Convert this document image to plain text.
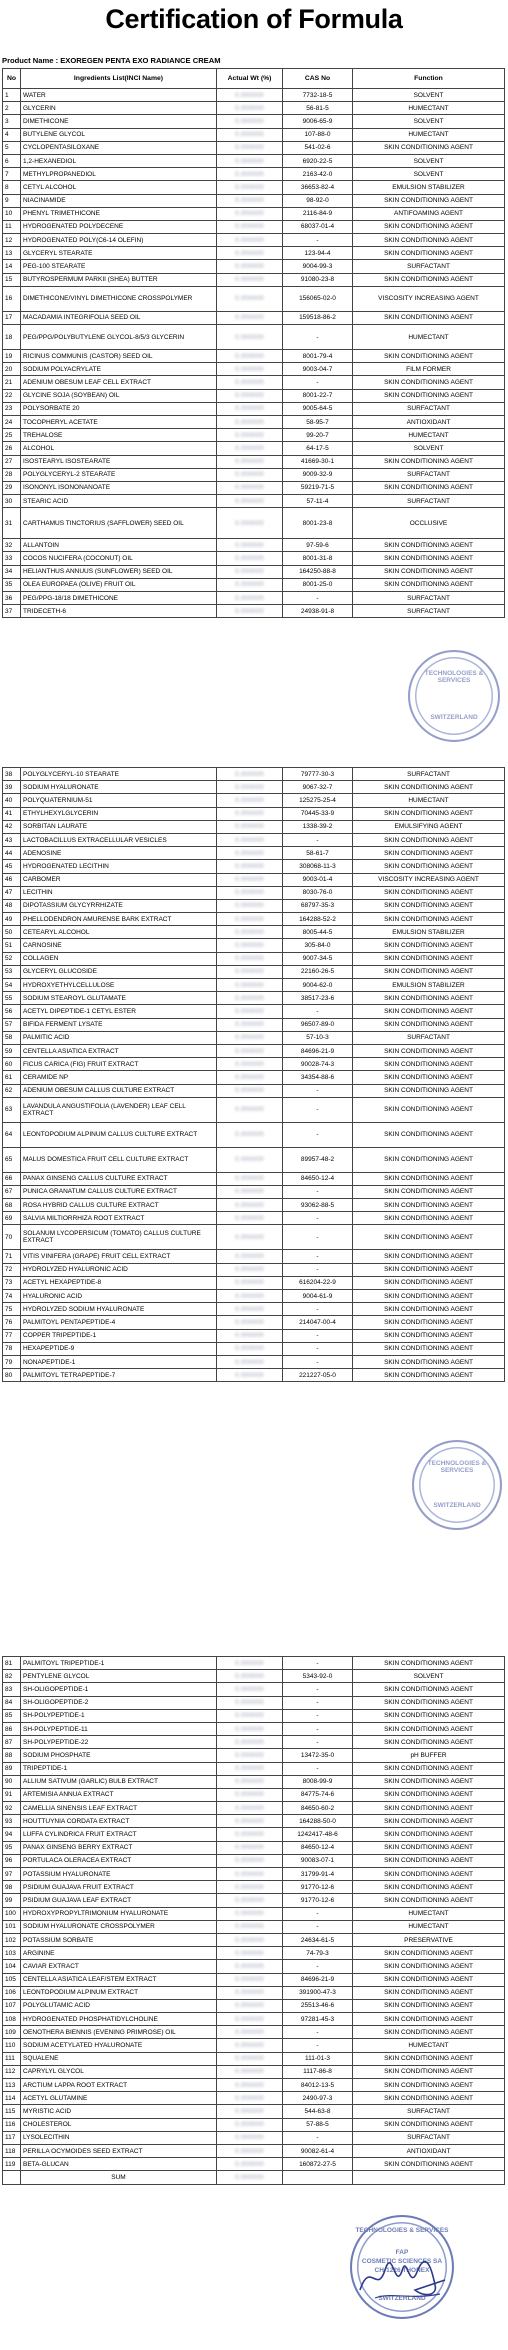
Certification of Formula
Product Name : EXOREGEN PENTA EXO RADIANCE CREAM
No	Ingredients List(INCI Name)	Actual Wt (%)	CAS No	Function
1	WATER	0.000000	7732-18-5	SOLVENT
2	GLYCERIN	0.000000	56-81-5	HUMECTANT
3	DIMETHICONE	0.000000	9006-65-9	SOLVENT
4	BUTYLENE GLYCOL	0.000000	107-88-0	HUMECTANT
5	CYCLOPENTASILOXANE	0.000000	541-02-6	SKIN CONDITIONING AGENT
6	1,2-HEXANEDIOL	0.000000	6920-22-5	SOLVENT
7	METHYLPROPANEDIOL	0.000000	2163-42-0	SOLVENT
8	CETYL ALCOHOL	0.000000	36653-82-4	EMULSION STABILIZER
9	NIACINAMIDE	0.000000	98-92-0	SKIN CONDITIONING AGENT
10	PHENYL TRIMETHICONE	0.000000	2116-84-9	ANTIFOAMING AGENT
11	HYDROGENATED POLYDECENE	0.000000	68037-01-4	SKIN CONDITIONING AGENT
12	HYDROGENATED POLY(C6-14 OLEFIN)	0.000000	-	SKIN CONDITIONING AGENT
13	GLYCERYL STEARATE	0.000000	123-94-4	SKIN CONDITIONING AGENT
14	PEG-100 STEARATE	0.000000	9004-99-3	SURFACTANT
15	BUTYROSPERMUM PARKII (SHEA) BUTTER	0.000000	91080-23-8	SKIN CONDITIONING AGENT
16	DIMETHICONE/VINYL DIMETHICONE CROSSPOLYMER	0.000000	156065-02-0	VISCOSITY INCREASING AGENT
17	MACADAMIA INTEGRIFOLIA SEED OIL	0.000000	159518-86-2	SKIN CONDITIONING AGENT
18	PEG/PPG/POLYBUTYLENE GLYCOL-8/5/3 GLYCERIN	0.000000	-	HUMECTANT
19	RICINUS COMMUNIS (CASTOR) SEED OIL	0.000000	8001-79-4	SKIN CONDITIONING AGENT
20	SODIUM POLYACRYLATE	0.000000	9003-04-7	FILM FORMER
21	ADENIUM OBESUM LEAF CELL EXTRACT	0.000000	-	SKIN CONDITIONING AGENT
22	GLYCINE SOJA (SOYBEAN) OIL	0.000000	8001-22-7	SKIN CONDITIONING AGENT
23	POLYSORBATE 20	0.000000	9005-64-5	SURFACTANT
24	TOCOPHERYL ACETATE	0.000000	58-95-7	ANTIOXIDANT
25	TREHALOSE	0.000000	99-20-7	HUMECTANT
26	ALCOHOL	0.000000	64-17-5	SOLVENT
27	ISOSTEARYL ISOSTEARATE	0.000000	41669-30-1	SKIN CONDITIONING AGENT
28	POLYGLYCERYL-2 STEARATE	0.000000	9009-32-9	SURFACTANT
29	ISONONYL ISONONANOATE	0.000000	59219-71-5	SKIN CONDITIONING AGENT
30	STEARIC ACID	0.000000	57-11-4	SURFACTANT
31	CARTHAMUS TINCTORIUS (SAFFLOWER) SEED OIL	0.000000	8001-23-8	OCCLUSIVE
32	ALLANTOIN	0.000000	97-59-6	SKIN CONDITIONING AGENT
33	COCOS NUCIFERA (COCONUT) OIL	0.000000	8001-31-8	SKIN CONDITIONING AGENT
34	HELIANTHUS ANNUUS (SUNFLOWER) SEED OIL	0.000000	164250-88-8	SKIN CONDITIONING AGENT
35	OLEA EUROPAEA (OLIVE) FRUIT OIL	0.000000	8001-25-0	SKIN CONDITIONING AGENT
36	PEG/PPG-18/18 DIMETHICONE	0.000000	-	SURFACTANT
37	TRIDECETH-6	0.000000	24938-91-8	SURFACTANT
38	POLYGLYCERYL-10 STEARATE	0.000000	79777-30-3	SURFACTANT
39	SODIUM HYALURONATE	0.000000	9067-32-7	SKIN CONDITIONING AGENT
40	POLYQUATERNIUM-51	0.000000	125275-25-4	HUMECTANT
41	ETHYLHEXYLGLYCERIN	0.000000	70445-33-9	SKIN CONDITIONING AGENT
42	SORBITAN LAURATE	0.000000	1338-39-2	EMULSIFYING AGENT
43	LACTOBACILLUS EXTRACELLULAR VESICLES	0.000000	-	SKIN CONDITIONING AGENT
44	ADENOSINE	0.000000	58-61-7	SKIN CONDITIONING AGENT
45	HYDROGENATED LECITHIN	0.000000	308068-11-3	SKIN CONDITIONING AGENT
46	CARBOMER	0.000000	9003-01-4	VISCOSITY INCREASING AGENT
47	LECITHIN	0.000000	8030-76-0	SKIN CONDITIONING AGENT
48	DIPOTASSIUM GLYCYRRHIZATE	0.000000	68797-35-3	SKIN CONDITIONING AGENT
49	PHELLODENDRON AMURENSE BARK EXTRACT	0.000000	164288-52-2	SKIN CONDITIONING AGENT
50	CETEARYL ALCOHOL	0.000000	8005-44-5	EMULSION STABILIZER
51	CARNOSINE	0.000000	305-84-0	SKIN CONDITIONING AGENT
52	COLLAGEN	0.000000	9007-34-5	SKIN CONDITIONING AGENT
53	GLYCERYL GLUCOSIDE	0.000000	22160-26-5	SKIN CONDITIONING AGENT
54	HYDROXYETHYLCELLULOSE	0.000000	9004-62-0	EMULSION STABILIZER
55	SODIUM STEAROYL GLUTAMATE	0.000000	38517-23-6	SKIN CONDITIONING AGENT
56	ACETYL DIPEPTIDE-1 CETYL ESTER	0.000000	-	SKIN CONDITIONING AGENT
57	BIFIDA FERMENT LYSATE	0.000000	96507-89-0	SKIN CONDITIONING AGENT
58	PALMITIC ACID	0.000000	57-10-3	SURFACTANT
59	CENTELLA ASIATICA EXTRACT	0.000000	84696-21-9	SKIN CONDITIONING AGENT
60	FICUS CARICA (FIG) FRUIT EXTRACT	0.000000	90028-74-3	SKIN CONDITIONING AGENT
61	CERAMIDE NP	0.000000	34354-88-6	SKIN CONDITIONING AGENT
62	ADENIUM OBESUM CALLUS CULTURE EXTRACT	0.000000	-	SKIN CONDITIONING AGENT
63	LAVANDULA ANGUSTIFOLIA (LAVENDER) LEAF CELL EXTRACT	0.000000	-	SKIN CONDITIONING AGENT
64	LEONTOPODIUM ALPINUM CALLUS CULTURE EXTRACT	0.000000	-	SKIN CONDITIONING AGENT
65	MALUS DOMESTICA FRUIT CELL CULTURE EXTRACT	0.000000	89957-48-2	SKIN CONDITIONING AGENT
66	PANAX GINSENG CALLUS CULTURE EXTRACT	0.000000	84650-12-4	SKIN CONDITIONING AGENT
67	PUNICA GRANATUM CALLUS CULTURE EXTRACT	0.000000	-	SKIN CONDITIONING AGENT
68	ROSA HYBRID CALLUS CULTURE EXTRACT	0.000000	93062-88-5	SKIN CONDITIONING AGENT
69	SALVIA MILTIORRHIZA ROOT EXTRACT	0.000000	-	SKIN CONDITIONING AGENT
70	SOLANUM LYCOPERSICUM (TOMATO) CALLUS CULTURE EXTRACT	0.000000	-	SKIN CONDITIONING AGENT
71	VITIS VINIFERA (GRAPE) FRUIT CELL EXTRACT	0.000000	-	SKIN CONDITIONING AGENT
72	HYDROLYZED HYALURONIC ACID	0.000000	-	SKIN CONDITIONING AGENT
73	ACETYL HEXAPEPTIDE-8	0.000000	616204-22-9	SKIN CONDITIONING AGENT
74	HYALURONIC ACID	0.000000	9004-61-9	SKIN CONDITIONING AGENT
75	HYDROLYZED SODIUM HYALURONATE	0.000000	-	SKIN CONDITIONING AGENT
76	PALMITOYL PENTAPEPTIDE-4	0.000000	214047-00-4	SKIN CONDITIONING AGENT
77	COPPER TRIPEPTIDE-1	0.000000	-	SKIN CONDITIONING AGENT
78	HEXAPEPTIDE-9	0.000000	-	SKIN CONDITIONING AGENT
79	NONAPEPTIDE-1	0.000000	-	SKIN CONDITIONING AGENT
80	PALMITOYL TETRAPEPTIDE-7	0.000000	221227-05-0	SKIN CONDITIONING AGENT
81	PALMITOYL TRIPEPTIDE-1	0.000000	-	SKIN CONDITIONING AGENT
82	PENTYLENE GLYCOL	0.000000	5343-92-0	SOLVENT
83	SH-OLIGOPEPTIDE-1	0.000000	-	SKIN CONDITIONING AGENT
84	SH-OLIGOPEPTIDE-2	0.000000	-	SKIN CONDITIONING AGENT
85	SH-POLYPEPTIDE-1	0.000000	-	SKIN CONDITIONING AGENT
86	SH-POLYPEPTIDE-11	0.000000	-	SKIN CONDITIONING AGENT
87	SH-POLYPEPTIDE-22	0.000000	-	SKIN CONDITIONING AGENT
88	SODIUM PHOSPHATE	0.000000	13472-35-0	pH BUFFER
89	TRIPEPTIDE-1	0.000000	-	SKIN CONDITIONING AGENT
90	ALLIUM SATIVUM (GARLIC) BULB EXTRACT	0.000000	8008-99-9	SKIN CONDITIONING AGENT
91	ARTEMISIA ANNUA EXTRACT	0.000000	84775-74-6	SKIN CONDITIONING AGENT
92	CAMELLIA SINENSIS LEAF EXTRACT	0.000000	84650-60-2	SKIN CONDITIONING AGENT
93	HOUTTUYNIA CORDATA EXTRACT	0.000000	164288-50-0	SKIN CONDITIONING AGENT
94	LUFFA CYLINDRICA FRUIT EXTRACT	0.000000	1242417-48-6	SKIN CONDITIONING AGENT
95	PANAX GINSENG BERRY EXTRACT	0.000000	84650-12-4	SKIN CONDITIONING AGENT
96	PORTULACA OLERACEA EXTRACT	0.000000	90083-07-1	SKIN CONDITIONING AGENT
97	POTASSIUM HYALURONATE	0.000000	31799-91-4	SKIN CONDITIONING AGENT
98	PSIDIUM GUAJAVA FRUIT EXTRACT	0.000000	91770-12-6	SKIN CONDITIONING AGENT
99	PSIDIUM GUAJAVA LEAF EXTRACT	0.000000	91770-12-6	SKIN CONDITIONING AGENT
100	HYDROXYPROPYLTRIMONIUM HYALURONATE	0.000000	-	HUMECTANT
101	SODIUM HYALURONATE CROSSPOLYMER	0.000000	-	HUMECTANT
102	POTASSIUM SORBATE	0.000000	24634-61-5	PRESERVATIVE
103	ARGININE	0.000000	74-79-3	SKIN CONDITIONING AGENT
104	CAVIAR EXTRACT	0.000000	-	SKIN CONDITIONING AGENT
105	CENTELLA ASIATICA LEAF/STEM EXTRACT	0.000000	84696-21-9	SKIN CONDITIONING AGENT
106	LEONTOPODIUM ALPINUM EXTRACT	0.000000	391900-47-3	SKIN CONDITIONING AGENT
107	POLYGLUTAMIC ACID	0.000000	25513-46-6	SKIN CONDITIONING AGENT
108	HYDROGENATED PHOSPHATIDYLCHOLINE	0.000000	97281-45-3	SKIN CONDITIONING AGENT
109	OENOTHERA BIENNIS (EVENING PRIMROSE) OIL	0.000000	-	SKIN CONDITIONING AGENT
110	SODIUM ACETYLATED HYALURONATE	0.000000	-	HUMECTANT
111	SQUALENE	0.000000	111-01-3	SKIN CONDITIONING AGENT
112	CAPRYLYL GLYCOL	0.000000	1117-86-8	SKIN CONDITIONING AGENT
113	ARCTIUM LAPPA ROOT EXTRACT	0.000000	84012-13-5	SKIN CONDITIONING AGENT
114	ACETYL GLUTAMINE	0.000000	2490-97-3	SKIN CONDITIONING AGENT
115	MYRISTIC ACID	0.000000	544-63-8	SURFACTANT
116	CHOLESTEROL	0.000000	57-88-5	SKIN CONDITIONING AGENT
117	LYSOLECITHIN	0.000000	-	SURFACTANT
118	PERILLA OCYMOIDES SEED EXTRACT	0.000000	90082-61-4	ANTIOXIDANT
119	BETA-GLUCAN	0.000000	160872-27-5	SKIN CONDITIONING AGENT
	SUM	0.000000		
TECHNOLOGIES & SERVICES
SWITZERLAND
TECHNOLOGIES & SERVICES
SWITZERLAND
TECHNOLOGIES & SERVICES
FAP
COSMETIC SCIENCES SA
CH-1226 THONEX
SWITZERLAND
